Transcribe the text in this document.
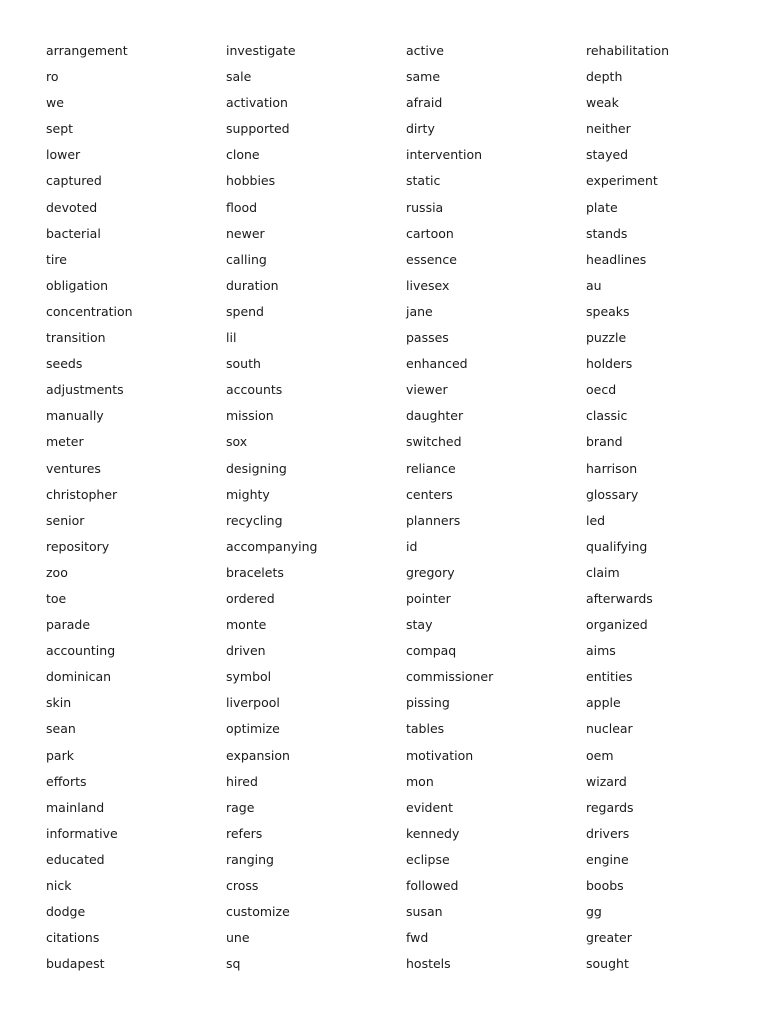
arrangement
ro
we
sept
lower
captured
devoted
bacterial
tire
obligation
concentration
transition
seeds
adjustments
manually
meter
ventures
christopher
senior
repository
zoo
toe
parade
accounting
dominican
skin
sean
park
efforts
mainland
informative
educated
nick
dodge
citations
budapest
investigate
sale
activation
supported
clone
hobbies
flood
newer
calling
duration
spend
lil
south
accounts
mission
sox
designing
mighty
recycling
accompanying
bracelets
ordered
monte
driven
symbol
liverpool
optimize
expansion
hired
rage
refers
ranging
cross
customize
une
sq
active
same
afraid
dirty
intervention
static
russia
cartoon
essence
livesex
jane
passes
enhanced
viewer
daughter
switched
reliance
centers
planners
id
gregory
pointer
stay
compaq
commissioner
pissing
tables
motivation
mon
evident
kennedy
eclipse
followed
susan
fwd
hostels
rehabilitation
depth
weak
neither
stayed
experiment
plate
stands
headlines
au
speaks
puzzle
holders
oecd
classic
brand
harrison
glossary
led
qualifying
claim
afterwards
organized
aims
entities
apple
nuclear
oem
wizard
regards
drivers
engine
boobs
gg
greater
sought
